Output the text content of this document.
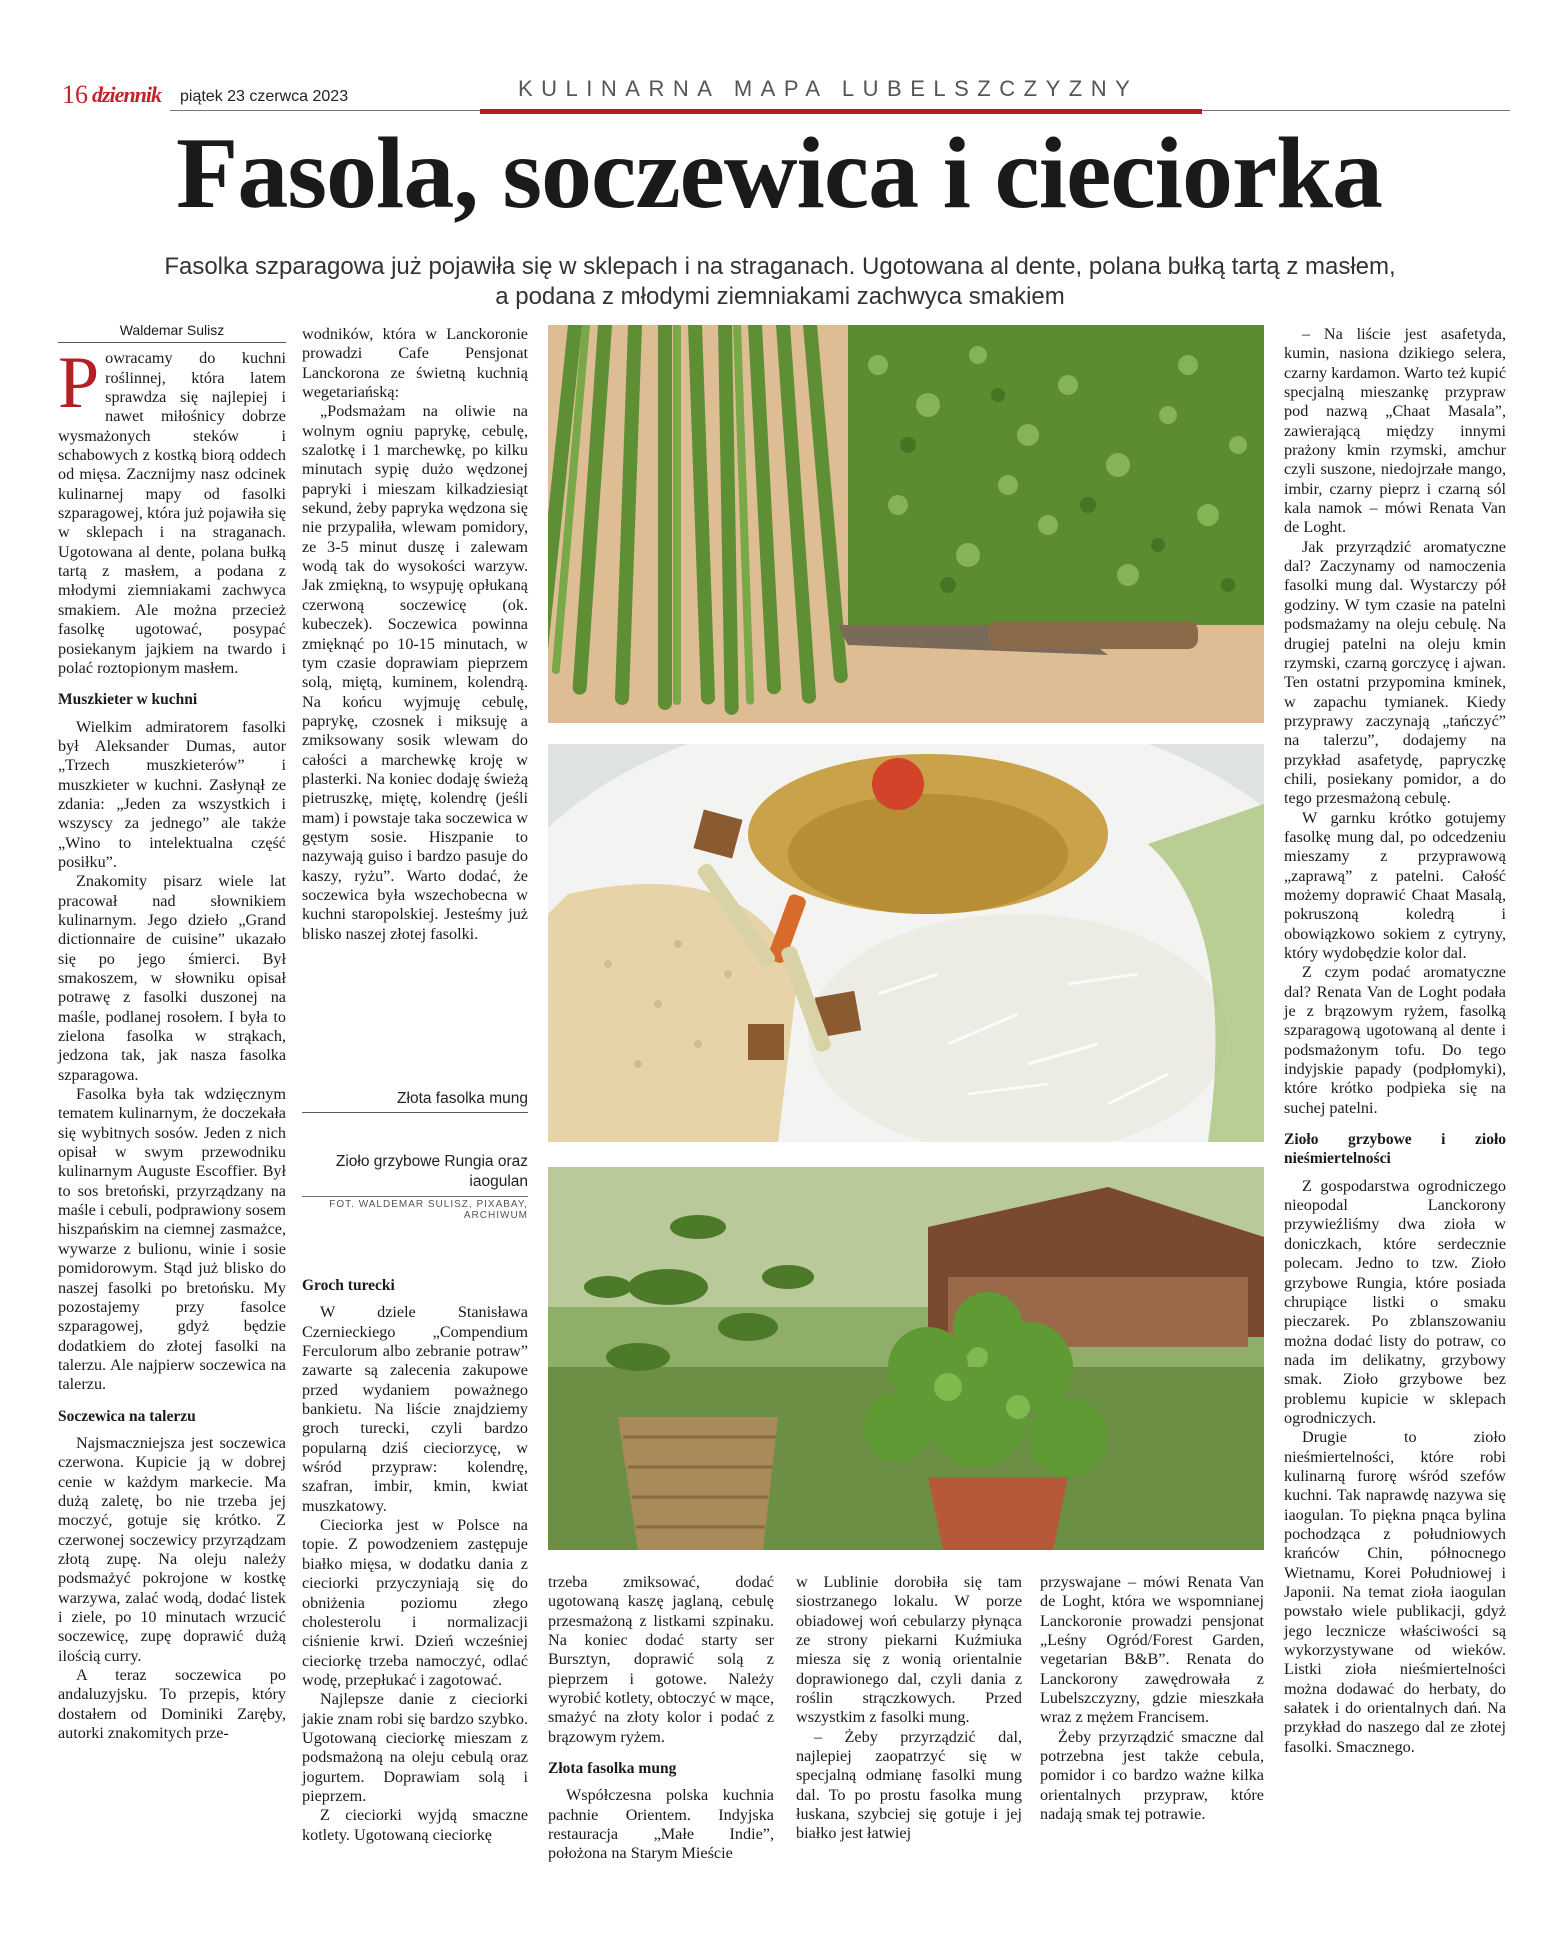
16 dziennik piątek 23 czerwca 2023	KULINARNA MAPA LUBELSZCZYZNY
Fasola, soczewica i cieciorka
Fasolka szparagowa już pojawiła się w sklepach i na straganach. Ugotowana al dente, polana bułką tartą z masłem,
a podana z młodymi ziemniakami zachwyca smakiem
Waldemar Sulisz

Powracamy do kuchni roślinnej, która latem sprawdza się najlepiej i nawet miłośnicy dobrze wysmażonych steków i schabowych z kostką biorą oddech od mięsa. Zacznijmy nasz odcinek kulinarnej mapy od fasolki szparagowej, która już pojawiła się w sklepach i na straganach. Ugotowana al dente, polana bułką tartą z masłem, a podana z młodymi ziemniakami zachwyca smakiem. Ale można przecież fasolkę ugotować, posypać posiekanym jajkiem na twardo i polać roztopionym masłem.

Muszkieter w kuchni

Wielkim admiratorem fasolki był Aleksander Dumas, autor „Trzech muszkieterów” i muszkieter w kuchni. Zasłynął ze zdania: „Jeden za wszystkich i wszyscy za jednego” ale także „Wino to intelektualna część posiłku”.

Znakomity pisarz wiele lat pracował nad słownikiem kulinarnym. Jego dzieło „Grand dictionnaire de cuisine” ukazało się po jego śmierci. Był smakoszem, w słowniku opisał potrawę z fasolki duszonej na maśle, podlanej rosołem. I była to zielona fasolka w strąkach, jedzona tak, jak nasza fasolka szparagowa.

Fasolka była tak wdzięcznym tematem kulinarnym, że doczekała się wybitnych sosów. Jeden z nich opisał w swym przewodniku kulinarnym Auguste Escoffier. Był to sos bretoński, przyrządzany na maśle i cebuli, podprawiony sosem hiszpańskim na ciemnej zasmażce, wywarze z bulionu, winie i sosie pomidorowym. Stąd już blisko do naszej fasolki po bretońsku. My pozostajemy przy fasolce szparagowej, gdyż będzie dodatkiem do złotej fasolki na talerzu. Ale najpierw soczewica na talerzu.

Soczewica na talerzu

Najsmaczniejsza jest soczewica czerwona. Kupicie ją w dobrej cenie w każdym markecie. Ma dużą zaletę, bo nie trzeba jej moczyć, gotuje się krótko. Z czerwonej soczewicy przyrządzam złotą zupę. Na oleju należy podsmażyć pokrojone w kostkę warzywa, zalać wodą, dodać listek i ziele, po 10 minutach wrzucić soczewicę, zupę doprawić dużą ilością curry.

A teraz soczewica po andaluzyjsku. To przepis, który dostałem od Dominiki Zaręby, autorki znakomitych prze-

wodników, która w Lanckoronie prowadzi Cafe Pensjonat Lanckorona ze świetną kuchnią wegetariańską:

„Podsmażam na oliwie na wolnym ogniu paprykę, cebulę, szalotkę i 1 marchewkę, po kilku minutach sypię dużo wędzonej papryki i mieszam kilkadziesiąt sekund, żeby papryka wędzona się nie przypaliła, wlewam pomidory, ze 3-5 minut duszę i zalewam wodą tak do wysokości warzyw. Jak zmiękną, to wsypuję opłukaną czerwoną soczewicę (ok. kubeczek). Soczewica powinna zmięknąć po 10-15 minutach, w tym czasie doprawiam pieprzem solą, miętą, kuminem, kolendrą. Na końcu wyjmuję cebulę, paprykę, czosnek i miksuję a zmiksowany sosik wlewam do całości a marchewkę kroję w plasterki. Na koniec dodaję świeżą pietruszkę, miętę, kolendrę (jeśli mam) i powstaje taka soczewica w gęstym sosie. Hiszpanie to nazywają guiso i bardzo pasuje do kaszy, ryżu”. Warto dodać, że soczewica była wszechobecna w kuchni staropolskiej. Jesteśmy już blisko naszej złotej fasolki.

Złota fasolka mung
Zioło grzybowe Rungia oraz iaogulan
FOT. WALDEMAR SULISZ, PIXABAY, ARCHIWUM
Groch turecki

W dziele Stanisława Czernieckiego „Compendium Ferculorum albo zebranie potraw” zawarte są zalecenia zakupowe przed wydaniem poważnego bankietu. Na liście znajdziemy groch turecki, czyli bardzo popularną dziś cieciorzycę, w wśród przypraw: kolendrę, szafran, imbir, kmin, kwiat muszkatowy.

Cieciorka jest w Polsce na topie. Z powodzeniem zastępuje białko mięsa, w dodatku dania z cieciorki przyczyniają się do obniżenia poziomu złego cholesterolu i normalizacji ciśnienie krwi. Dzień wcześniej cieciorkę trzeba namoczyć, odlać wodę, przepłukać i zagotować.

Najlepsze danie z cieciorki jakie znam robi się bardzo szybko. Ugotowaną cieciorkę mieszam z podsmażoną na oleju cebulą oraz jogurtem. Doprawiam solą i pieprzem.

Z cieciorki wyjdą smaczne kotlety. Ugotowaną cieciorkę

trzeba zmiksować, dodać ugotowaną kaszę jaglaną, cebulę przesmażoną z listkami szpinaku. Na koniec dodać starty ser Bursztyn, doprawić solą z pieprzem i gotowe. Należy wyrobić kotlety, obtoczyć w mące, smażyć na złoty kolor i podać z brązowym ryżem.

Złota fasolka mung

Współczesna polska kuchnia pachnie Orientem. Indyjska restauracja „Małe Indie”, położona na Starym Mieście

w Lublinie dorobiła się tam siostrzanego lokalu. W porze obiadowej woń cebularzy płynąca ze strony piekarni Kuźmiuka miesza się z wonią orientalnie doprawionego dal, czyli dania z roślin strączkowych. Przed wszystkim z fasolki mung.

– Żeby przyrządzić dal, najlepiej zaopatrzyć się w specjalną odmianę fasolki mung dal. To po prostu fasolka mung łuskana, szybciej się gotuje i jej białko jest łatwiej

przyswajane – mówi Renata Van de Loght, która we wspomnianej Lanckoronie prowadzi pensjonat „Leśny Ogród/Forest Garden, vegetarian B&B”. Renata do Lanckorony zawędrowała z Lubelszczyzny, gdzie mieszkała wraz z mężem Francisem.

Żeby przyrządzić smaczne dal potrzebna jest także cebula, pomidor i co bardzo ważne kilka orientalnych przypraw, które nadają smak tej potrawie.

– Na liście jest asafetyda, kumin, nasiona dzikiego selera, czarny kardamon. Warto też kupić specjalną mieszankę przypraw pod nazwą „Chaat Masala”, zawierającą między innymi prażony kmin rzymski, amchur czyli suszone, niedojrzałe mango, imbir, czarny pieprz i czarną sól kala namok – mówi Renata Van de Loght.

Jak przyrządzić aromatyczne dal? Zaczynamy od namoczenia fasolki mung dal. Wystarczy pół godziny. W tym czasie na patelni podsmażamy na oleju cebulę. Na drugiej patelni na oleju kmin rzymski, czarną gorczycę i ajwan. Ten ostatni przypomina kminek, w zapachu tymianek. Kiedy przyprawy zaczynają „tańczyć” na talerzu”, dodajemy na przykład asafetydę, papryczkę chili, posiekany pomidor, a do tego przesmażoną cebulę.

W garnku krótko gotujemy fasolkę mung dal, po odcedzeniu mieszamy z przyprawową „zaprawą” z patelni. Całość możemy doprawić Chaat Masalą, pokruszoną koledrą i obowiązkowo sokiem z cytryny, który wydobędzie kolor dal.

Z czym podać aromatyczne dal? Renata Van de Loght podała je z brązowym ryżem, fasolką szparagową ugotowaną al dente i podsmażonym tofu. Do tego indyjskie papady (podpłomyki), które krótko podpieka się na suchej patelni.

Zioło grzybowe i zioło nieśmiertelności

Z gospodarstwa ogrodniczego nieopodal Lanckorony przywieźliśmy dwa zioła w doniczkach, które serdecznie polecam. Jedno to tzw. Zioło grzybowe Rungia, które posiada chrupiące listki o smaku pieczarek. Po zblanszowaniu można dodać listy do potraw, co nada im delikatny, grzybowy smak. Zioło grzybowe bez problemu kupicie w sklepach ogrodniczych.

Drugie to zioło nieśmiertelności, które robi kulinarną furorę wśród szefów kuchni. Tak naprawdę nazywa się iaogulan. To piękna pnąca bylina pochodząca z południowych krańców Chin, północnego Wietnamu, Korei Południowej i Japonii. Na temat zioła iaogulan powstało wiele publikacji, gdyż jego lecznicze właściwości są wykorzystywane od wieków. Listki zioła nieśmiertelności można dodawać do herbaty, do sałatek i do orientalnych dań. Na przykład do naszego dal ze złotej fasolki. Smacznego.
